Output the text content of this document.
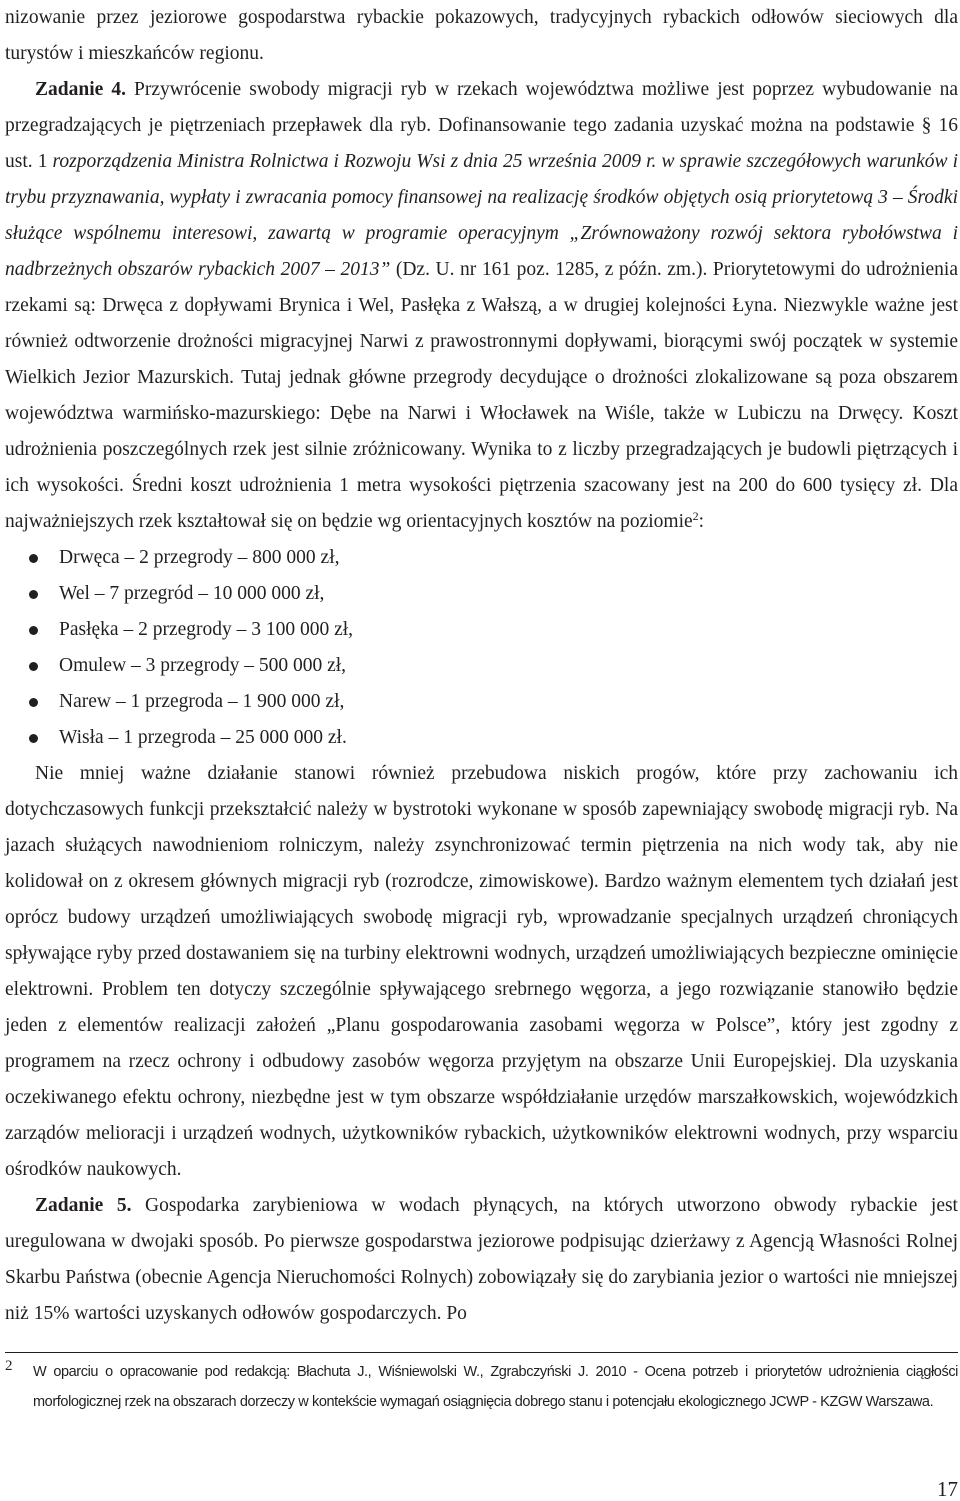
nizowanie przez jeziorowe gospodarstwa rybackie pokazowych, tradycyjnych rybackich odłowów sieciowych dla turystów i mieszkańców regionu.

Zadanie 4. Przywrócenie swobody migracji ryb w rzekach województwa możliwe jest poprzez wybudowanie na przegradzających je piętrzeniach przepławek dla ryb. Dofinansowanie tego zadania uzyskać można na podstawie § 16 ust. 1 rozporządzenia Ministra Rolnictwa i Rozwoju Wsi z dnia 25 września 2009 r. w sprawie szczegółowych warunków i trybu przyznawania, wypłaty i zwracania pomocy finansowej na realizację środków objętych osią priorytetową 3 – Środki służące wspólnemu interesowi, zawartą w programie operacyjnym „Zrównoważony rozwój sektora rybołówstwa i nadbrzeżnych obszarów rybackich 2007 – 2013” (Dz. U. nr 161 poz. 1285, z późn. zm.). Priorytetowymi do udrożnienia rzekami są: Drwęca z dopływami Brynica i Wel, Pasłęka z Wałszą, a w drugiej kolejności Łyna. Niezwykle ważne jest również odtworzenie drożności migracyjnej Narwi z prawostronnymi dopływami, biorącymi swój początek w systemie Wielkich Jezior Mazurskich. Tutaj jednak główne przegrody decydujące o drożności zlokalizowane są poza obszarem województwa warmińsko-mazurskiego: Dębe na Narwi i Włocławek na Wiśle, także w Lubiczu na Drwęcy. Koszt udrożnienia poszczególnych rzek jest silnie zróżnicowany. Wynika to z liczby przegradzających je budowli piętrzących i ich wysokości. Średni koszt udrożnienia 1 metra wysokości piętrzenia szacowany jest na 200 do 600 tysięcy zł. Dla najważniejszych rzek kształtował się on będzie wg orientacyjnych kosztów na poziomie$^2$:

Drwęca – 2 przegrody – 800 000 zł,
Wel – 7 przegród – 10 000 000 zł,
Pasłęka – 2 przegrody – 3 100 000 zł,
Omulew – 3 przegrody – 500 000 zł,
Narew – 1 przegroda – 1 900 000 zł,
Wisła – 1 przegroda – 25 000 000 zł.

Nie mniej ważne działanie stanowi również przebudowa niskich progów, które przy zachowaniu ich dotychczasowych funkcji przekształcić należy w bystrotoki wykonane w sposób zapewniający swobodę migracji ryb. Na jazach służących nawodnieniom rolniczym, należy zsynchronizować termin piętrzenia na nich wody tak, aby nie kolidował on z okresem głównych migracji ryb (rozrodcze, zimowiskowe). Bardzo ważnym elementem tych działań jest oprócz budowy urządzeń umożliwiających swobodę migracji ryb, wprowadzanie specjalnych urządzeń chroniących spływające ryby przed dostawaniem się na turbiny elektrowni wodnych, urządzeń umożliwiających bezpieczne ominięcie elektrowni. Problem ten dotyczy szczególnie spływającego srebrnego węgorza, a jego rozwiązanie stanowiło będzie jeden z elementów realizacji założeń „Planu gospodarowania zasobami węgorza w Polsce”, który jest zgodny z programem na rzecz ochrony i odbudowy zasobów węgorza przyjętym na obszarze Unii Europejskiej. Dla uzyskania oczekiwanego efektu ochrony, niezbędne jest w tym obszarze współdziałanie urzędów marszałkowskich, wojewódzkich zarządów melioracji i urządzeń wodnych, użytkowników rybackich, użytkowników elektrowni wodnych, przy wsparciu ośrodków naukowych.

Zadanie 5. Gospodarka zarybieniowa w wodach płynących, na których utworzono obwody rybackie jest uregulowana w dwojaki sposób. Po pierwsze gospodarstwa jeziorowe podpisując dzierżawy z Agencją Własności Rolnej Skarbu Państwa (obecnie Agencja Nieruchomości Rolnych) zobowiązały się do zarybiania jezior o wartości nie mniejszej niż 15% wartości uzyskanych odłowów gospodarczych. Po

2 W oparciu o opracowanie pod redakcją: Błachuta J., Wiśniewolski W., Zgrabczyński J. 2010 - Ocena potrzeb i priorytetów udrożnienia ciągłości morfologicznej rzek na obszarach dorzeczy w kontekście wymagań osiągnięcia dobrego stanu i potencjału ekologicznego JCWP - KZGW Warszawa.
17
